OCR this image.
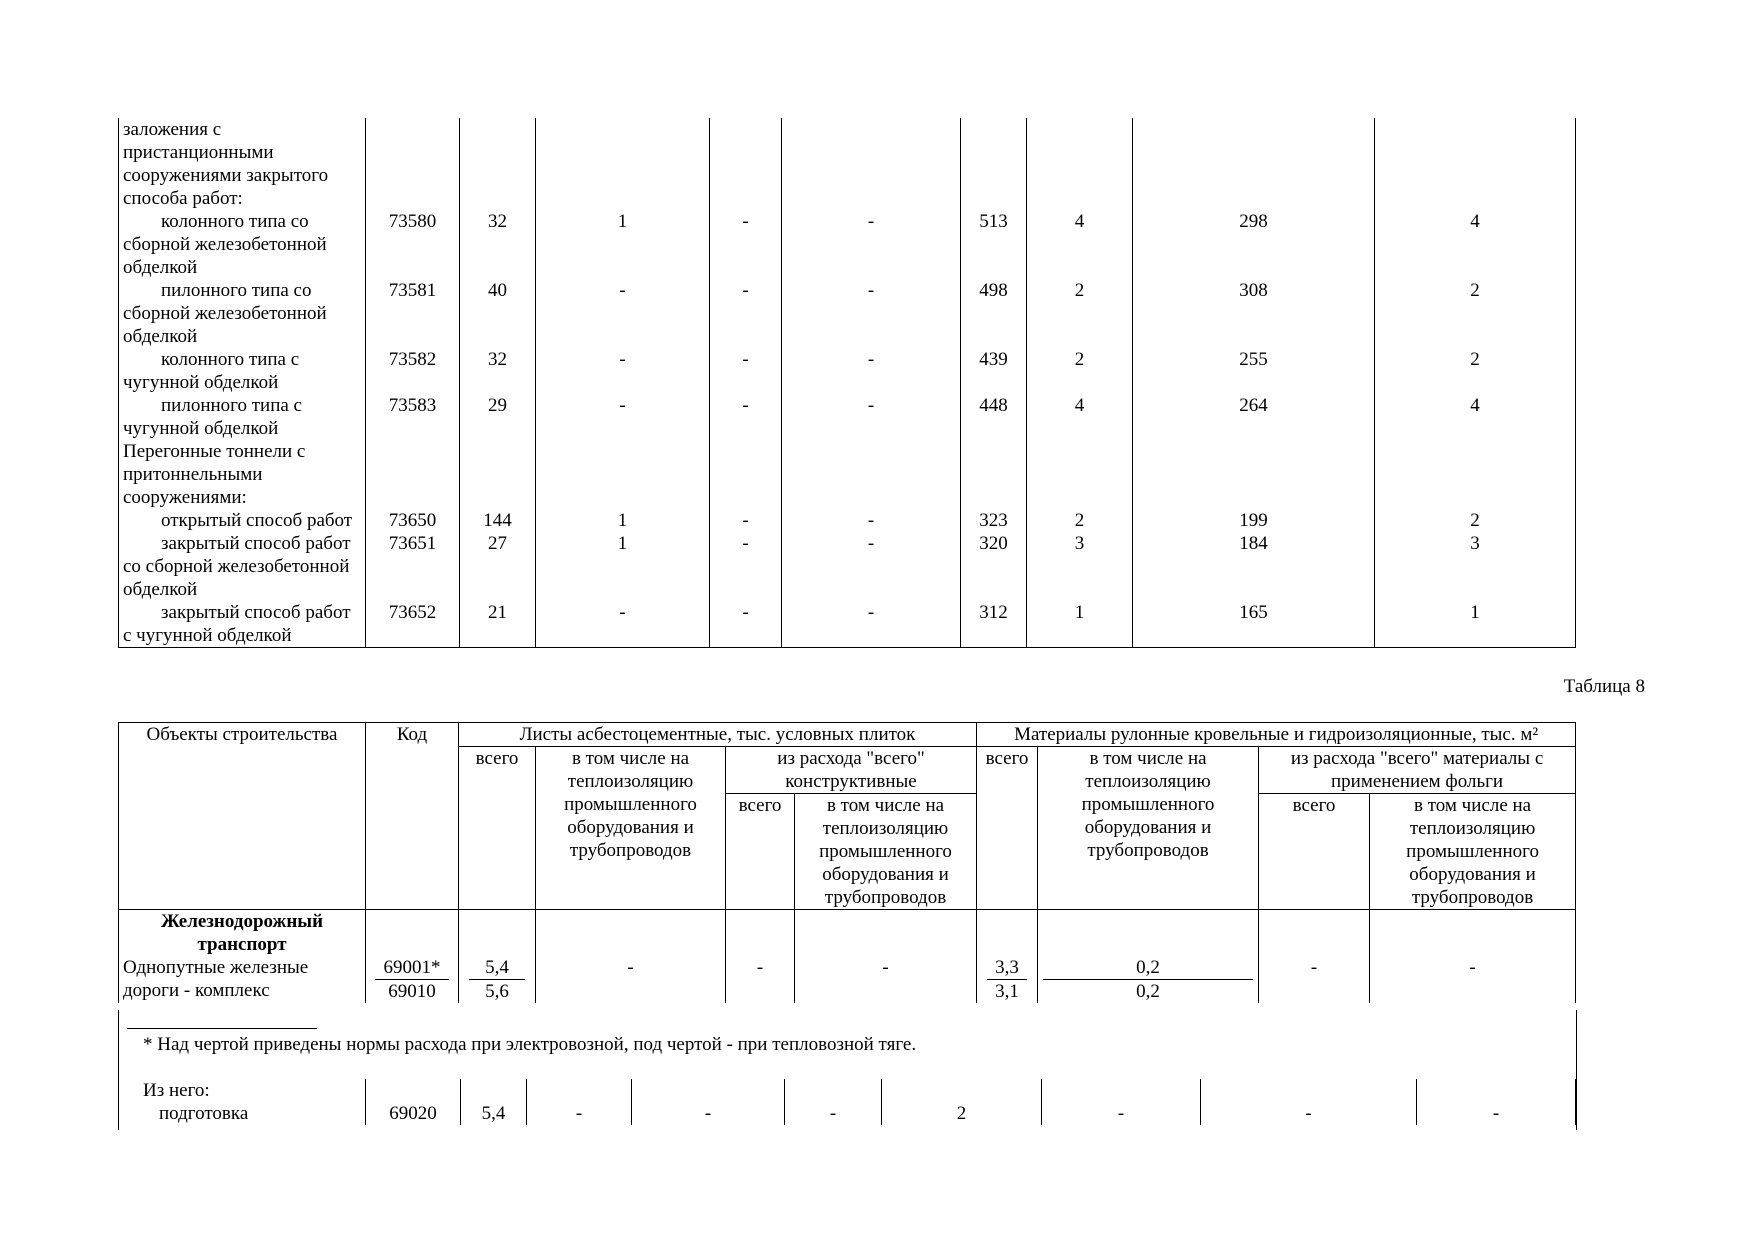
заложения с пристанционными сооружениями закрытого способа работ:									
колонного типа со сборной железобетонной обделкой	73580	32	1	-	-	513	4	298	4
пилонного типа со сборной железобетонной обделкой	73581	40	-	-	-	498	2	308	2
колонного типа с чугунной обделкой	73582	32	-	-	-	439	2	255	2
пилонного типа с чугунной обделкой	73583	29	-	-	-	448	4	264	4
Перегонные тоннели с притоннельными сооружениями:									
открытый способ работ	73650	144	1	-	-	323	2	199	2
закрытый способ работ со сборной железобетонной обделкой	73651	27	1	-	-	320	3	184	3
закрытый способ работ с чугунной обделкой	73652	21	-	-	-	312	1	165	1
Таблица 8
Объекты строительства	Код	Листы асбестоцементные, тыс. условных плиток				Материалы рулонные кровельные и гидроизоляционные, тыс. м²			
		всего	в том числе на теплоизоляцию промышленного оборудования и трубопроводов	из расхода "всего" конструктивные		всего	в том числе на теплоизоляцию промышленного оборудования и трубопроводов	из расхода "всего" материалы с применением фольги	
				всего	в том числе на теплоизоляцию промышленного оборудования и трубопроводов			всего	в том числе на теплоизоляцию промышленного оборудования и трубопроводов
Железнодорожный транспорт									
Однопутные железные дороги - комплекс	$\frac{69001*}{69010}$	$\frac{5,4}{5,6}$	-	-	-	$\frac{3,3}{3,1}$	$\frac{0,2}{0,2}$	-	-
* Над чертой приведены нормы расхода при электровозной, под чертой - при тепловозной тяге.
Из него:									
подготовка	69020	5,4	-	-	-	2	-	-	-
